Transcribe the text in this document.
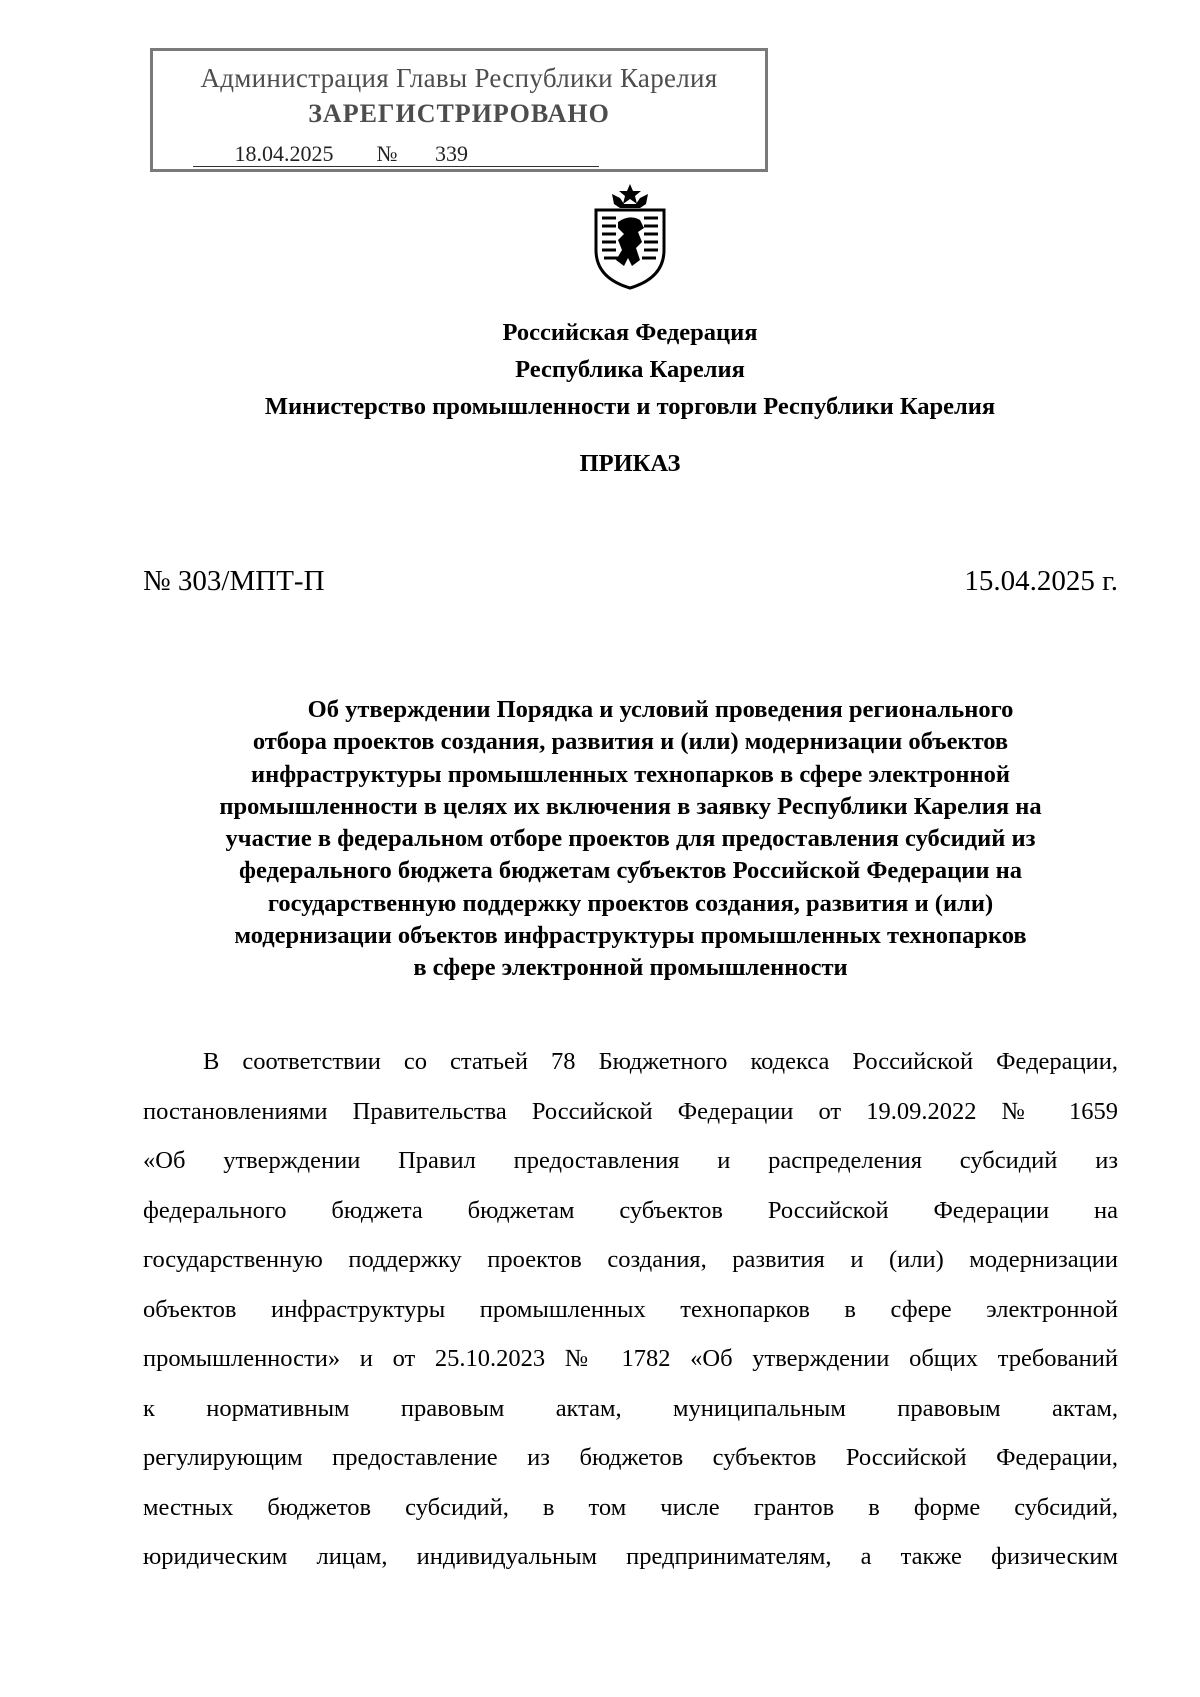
Администрация Главы Республики Карелия
ЗАРЕГИСТРИРОВАНО
18.04.2025 № 339
Российская Федерация
Республика Карелия
Министерство промышленности и торговли Республики Карелия
ПРИКАЗ
№ 303/МПТ-П	15.04.2025 г.
Об утверждении Порядка и условий проведения регионального
отбора проектов создания, развития и (или) модернизации объектов
инфраструктуры промышленных технопарков в сфере электронной
промышленности в целях их включения в заявку Республики Карелия на
участие в федеральном отборе проектов для предоставления субсидий из
федерального бюджета бюджетам субъектов Российской Федерации на
государственную поддержку проектов создания, развития и (или)
модернизации объектов инфраструктуры промышленных технопарков
в сфере электронной промышленности
В соответствии со статьей 78 Бюджетного кодекса Российской Федерации,
постановлениями Правительства Российской Федерации от 19.09.2022 № 1659
«Об утверждении Правил предоставления и распределения субсидий из
федерального бюджета бюджетам субъектов Российской Федерации на
государственную поддержку проектов создания, развития и (или) модернизации
объектов инфраструктуры промышленных технопарков в сфере электронной
промышленности» и от 25.10.2023 № 1782 «Об утверждении общих требований
к нормативным правовым актам, муниципальным правовым актам,
регулирующим предоставление из бюджетов субъектов Российской Федерации,
местных бюджетов субсидий, в том числе грантов в форме субсидий,
юридическим лицам, индивидуальным предпринимателям, а также физическим
